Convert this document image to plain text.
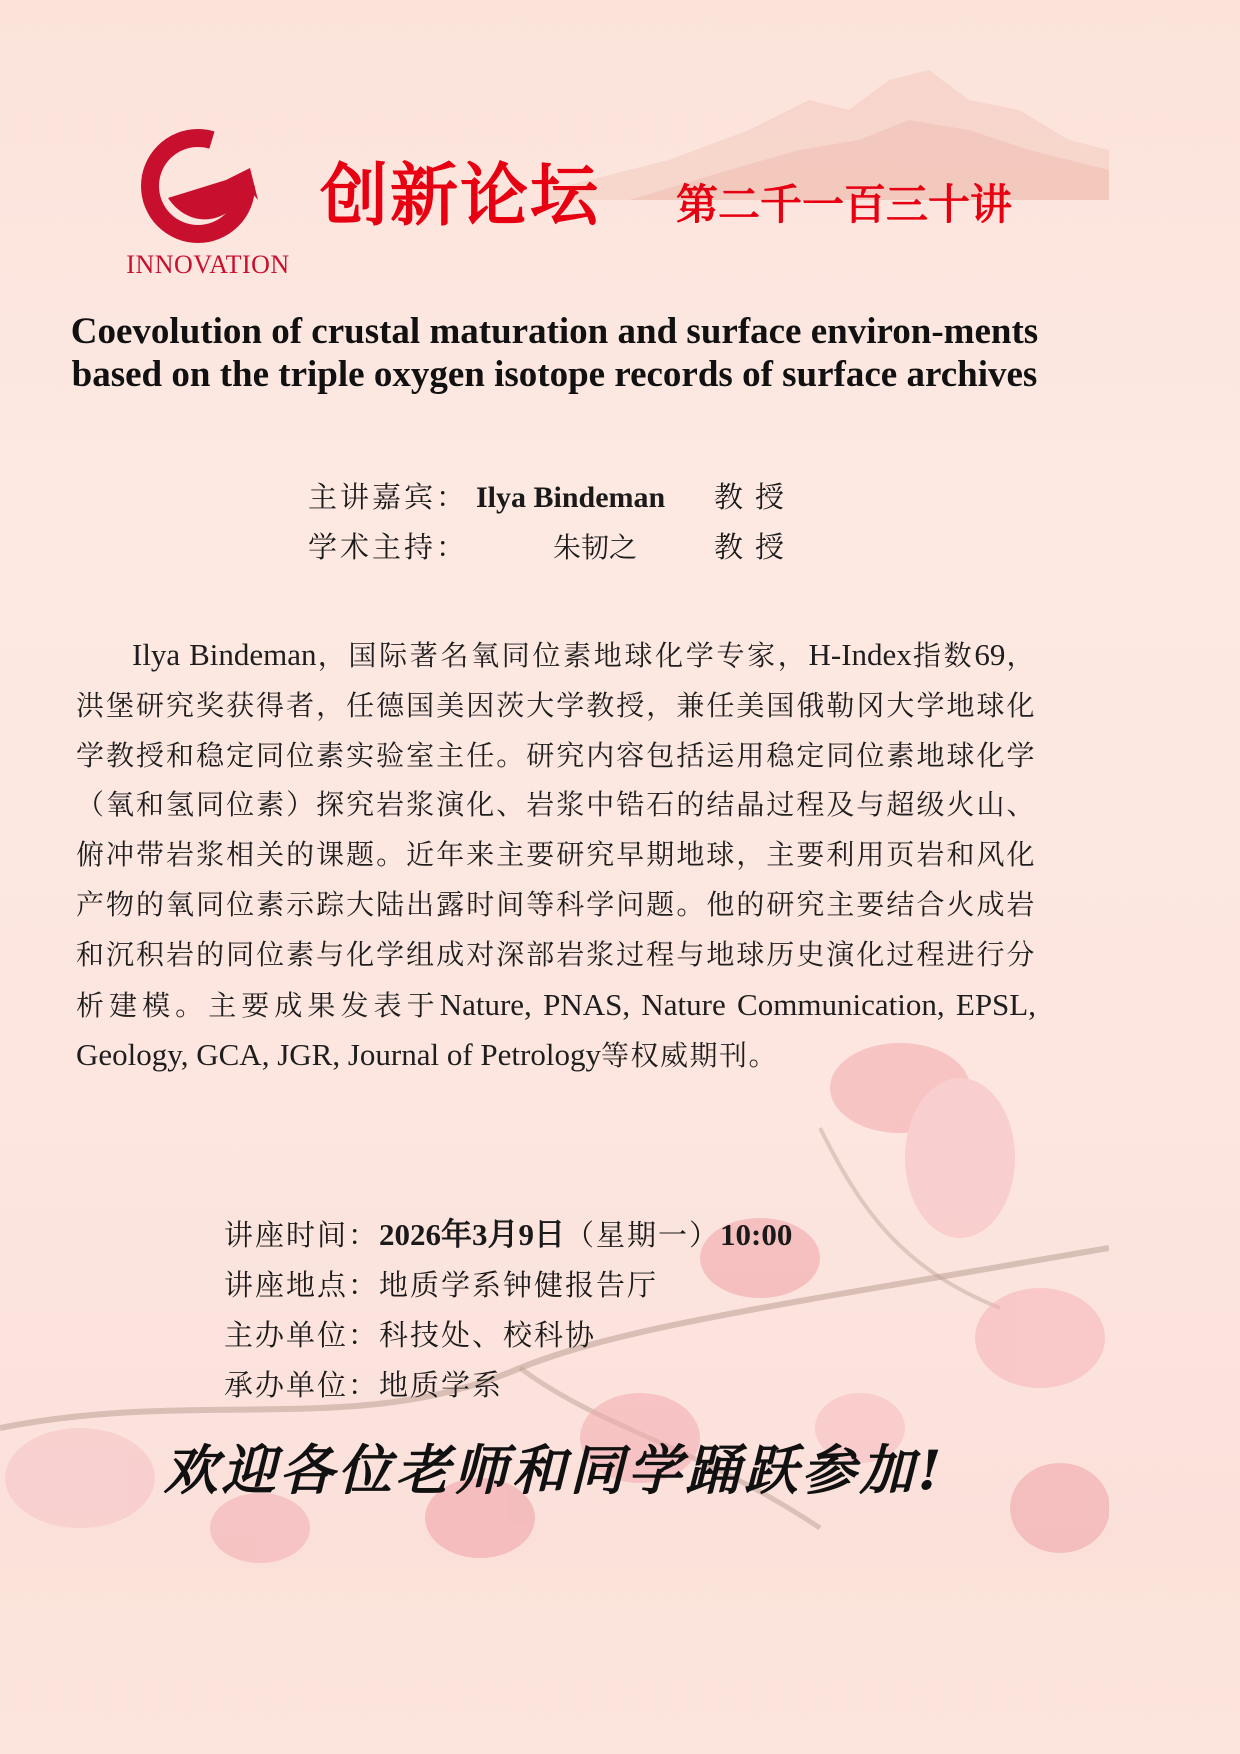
INNOVATION
创新论坛 第二千一百三十讲
Coevolution of crustal maturation and surface environ-ments based on the triple oxygen isotope records of surface archives
主讲嘉宾： Ilya Bindeman 教授
学术主持：	朱韧之	教授
Ilya Bindeman，国际著名氧同位素地球化学专家，H-Index指数69，洪堡研究奖获得者，任德国美因茨大学教授，兼任美国俄勒冈大学地球化学教授和稳定同位素实验室主任。研究内容包括运用稳定同位素地球化学（氧和氢同位素）探究岩浆演化、岩浆中锆石的结晶过程及与超级火山、俯冲带岩浆相关的课题。近年来主要研究早期地球，主要利用页岩和风化产物的氧同位素示踪大陆出露时间等科学问题。他的研究主要结合火成岩和沉积岩的同位素与化学组成对深部岩浆过程与地球历史演化过程进行分析建模。主要成果发表于Nature, PNAS, Nature Communication, EPSL, Geology, GCA, JGR, Journal of Petrology等权威期刊。
讲座时间：2026年3月9日（星期一）10:00
讲座地点：地质学系钟健报告厅
主办单位：科技处、校科协
承办单位：地质学系
欢迎各位老师和同学踊跃参加!
